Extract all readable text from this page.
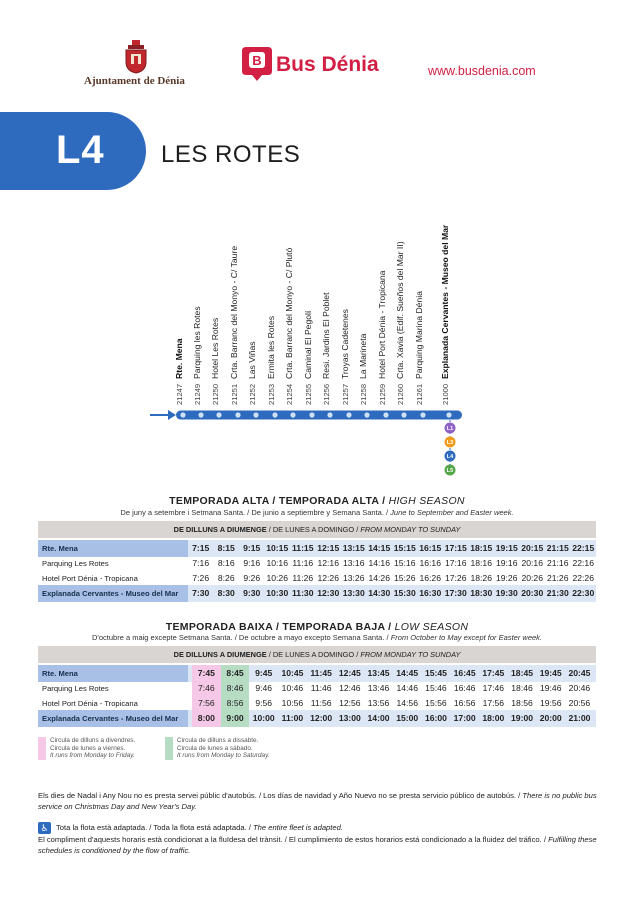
Ajuntament de Dénia
B Bus Dénia	www.busdenia.com
L4 LES ROTES
21247Rte. Mena
21249Parquing les Rotes
21250Hotel Les Rotes
21251Crta. Barranc del Monyo - C/ Taure
21252Las Viñas
21253Ermita les Rotes
21254Crta. Barranc del Monyo - C/ Plutó
21255Caminal El Pegolí
21256Resi. Jardins El Poblet
21257Troyas Cadetenes
21258La Marineta
21259Hotel Port Dénia - Tropicana
21260Crta. Xavia (Edif. Sueños del Mar II)
21261Parquing Marina Dénia
21000Explanada Cervantes - Museo del Mar
L1
L3
L4
L5
TEMPORADA ALTA / TEMPORADA ALTA / HIGH SEASON
De juny a setembre i Setmana Santa. / De junio a septiembre y Semana Santa. / June to September and Easter week.
DE DILLUNS A DIUMENGE / DE LUNES A DOMINGO / FROM MONDAY TO SUNDAY
Rte. Mena	7:15 8:15 9:15 10:15 11:15 12:15 13:15 14:15 15:15 16:15 17:15 18:15 19:15 20:15 21:15 22:15
Parquing Les Rotes	7:16	8:16	9:16 10:16 11:16 12:16 13:16 14:16 15:16 16:16 17:16 18:16 19:16 20:16 21:16 22:16
Hotel Port Dénia - Tropicana	7:26	8:26	9:26 10:26 11:26 12:26 13:26 14:26 15:26 16:26 17:26 18:26 19:26 20:26 21:26 22:26
Explanada Cervantes - Museo del Mar	7:30 8:30 9:30 10:30 11:30 12:30 13:30 14:30 15:30 16:30 17:30 18:30 19:30 20:30 21:30 22:30
TEMPORADA BAIXA / TEMPORADA BAJA / LOW SEASON
D'octubre a maig excepte Setmana Santa. / De octubre a mayo excepto Semana Santa. / From October to May except for Easter week.
DE DILLUNS A DIUMENGE / DE LUNES A DOMINGO / FROM MONDAY TO SUNDAY
Rte. Mena	7:45	8:45	9:45	10:45 11:45 12:45 13:45 14:45 15:45 16:45 17:45 18:45 19:45 20:45
Parquing Les Rotes	7:46	8:46	9:46	10:46 11:46 12:46 13:46 14:46 15:46 16:46 17:46 18:46 19:46 20:46
Hotel Port Dénia - Tropicana	7:56	8:56	9:56	10:56 11:56 12:56 13:56 14:56 15:56 16:56 17:56 18:56 19:56 20:56
Explanada Cervantes - Museo del Mar	8:00	9:00	10:00 11:00 12:00 13:00 14:00 15:00 16:00 17:00 18:00 19:00 20:00 21:00
Circula de dilluns a divendres.
Circula de lunes a viernes.
It runs from Monday to Friday.
Circula de dilluns a dissabte.
Circula de lunes a sábado.
It runs from Monday to Saturday.
Els dies de Nadal i Any Nou no es presta servei públic d'autobús. / Los días de navidad y Año Nuevo no se presta servicio público de autobús. / There is no public bus service on Christmas Day and New Year's Day.
♿ Tota la flota està adaptada. / Toda la flota está adaptada. / The entire fleet is adapted.
El compliment d'aquests horaris està condicionat a la fluïdesa del trànsit. / El cumplimiento de estos horarios está condicionado a la fluidez del tráfico. / Fulfilling these schedules is conditioned by the flow of traffic.
